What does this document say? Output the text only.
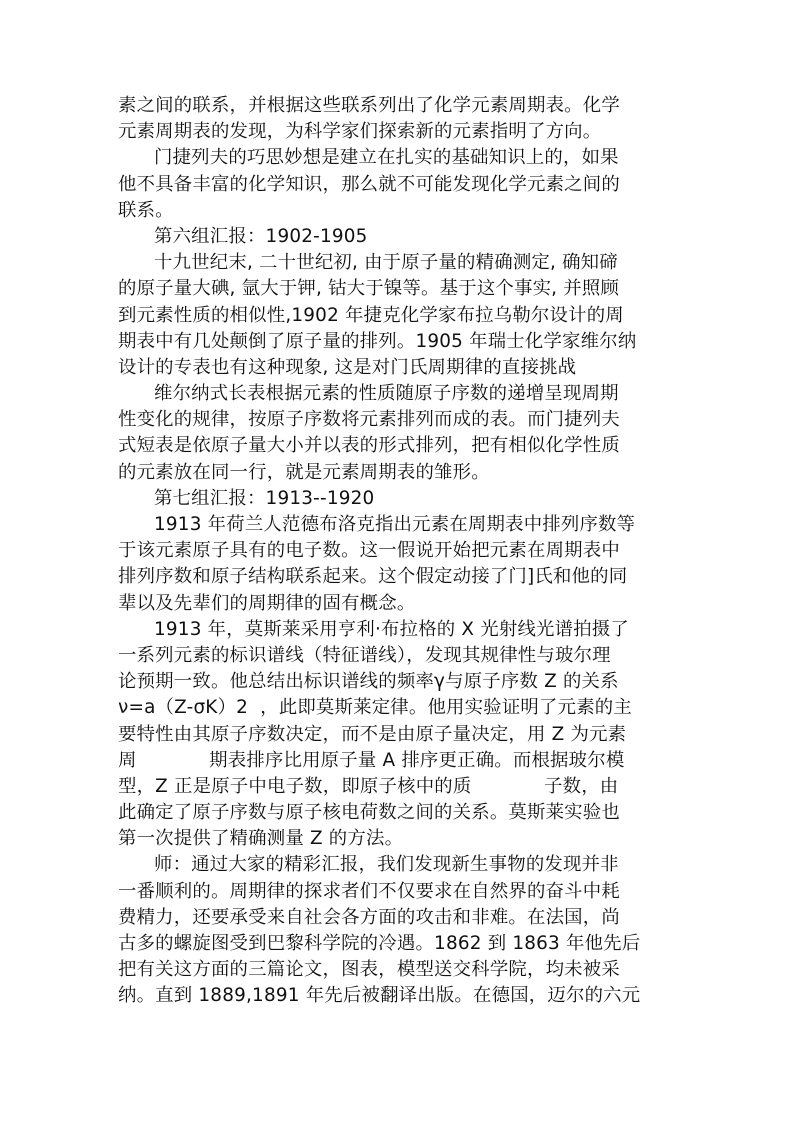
素之间的联系，并根据这些联系列出了化学元素周期表。化学
元素周期表的发现，为科学家们探索新的元素指明了方向。
门捷列夫的巧思妙想是建立在扎实的基础知识上的，如果
他不具备丰富的化学知识，那么就不可能发现化学元素之间的
联系。
第六组汇报：1902-1905
十九世纪末, 二十世纪初, 由于原子量的精确测定, 确知碲
的原子量大碘, 氩大于钾, 钴大于镍等。基于这个事实, 并照顾
到元素性质的相似性,1902 年捷克化学家布拉乌勒尔设计的周
期表中有几处颠倒了原子量的排列。1905 年瑞士化学家维尔纳
设计的专表也有这种现象, 这是对门氏周期律的直接挑战
维尔纳式长表根据元素的性质随原子序数的递增呈现周期
性变化的规律，按原子序数将元素排列而成的表。而门捷列夫
式短表是依原子量大小并以表的形式排列，把有相似化学性质
的元素放在同一行，就是元素周期表的雏形。
第七组汇报：1913--1920
1913 年荷兰人范德布洛克指出元素在周期表中排列序数等
于该元素原子具有的电子数。这一假说开始把元素在周期表中
排列序数和原子结构联系起来。这个假定动接了门]氏和他的同
辈以及先辈们的周期律的固有概念。
1913 年，莫斯莱采用亨利·布拉格的 X 光射线光谱拍摄了
一系列元素的标识谱线（特征谱线），发现其规律性与玻尔理
论预期一致。他总结出标识谱线的频率γ与原子序数 Z 的关系
ν=a（Z-σK）2  ，此即莫斯莱定律。他用实验证明了元素的主
要特性由其原子序数决定，而不是由原子量决定，用 Z 为元素
周            期表排序比用原子量 A 排序更正确。而根据玻尔模
型，Z 正是原子中电子数，即原子核中的质            子数，由
此确定了原子序数与原子核电荷数之间的关系。莫斯莱实验也
第一次提供了精确测量 Z 的方法。
师：通过大家的精彩汇报，我们发现新生事物的发现并非
一番顺利的。周期律的探求者们不仅要求在自然界的奋斗中耗
费精力，还要承受来自社会各方面的攻击和非难。在法国，尚
古多的螺旋图受到巴黎科学院的冷遇。1862 到 1863 年他先后
把有关这方面的三篇论文，图表，模型送交科学院，均未被采
纳。直到 1889,1891 年先后被翻译出版。在德国，迈尔的六元
